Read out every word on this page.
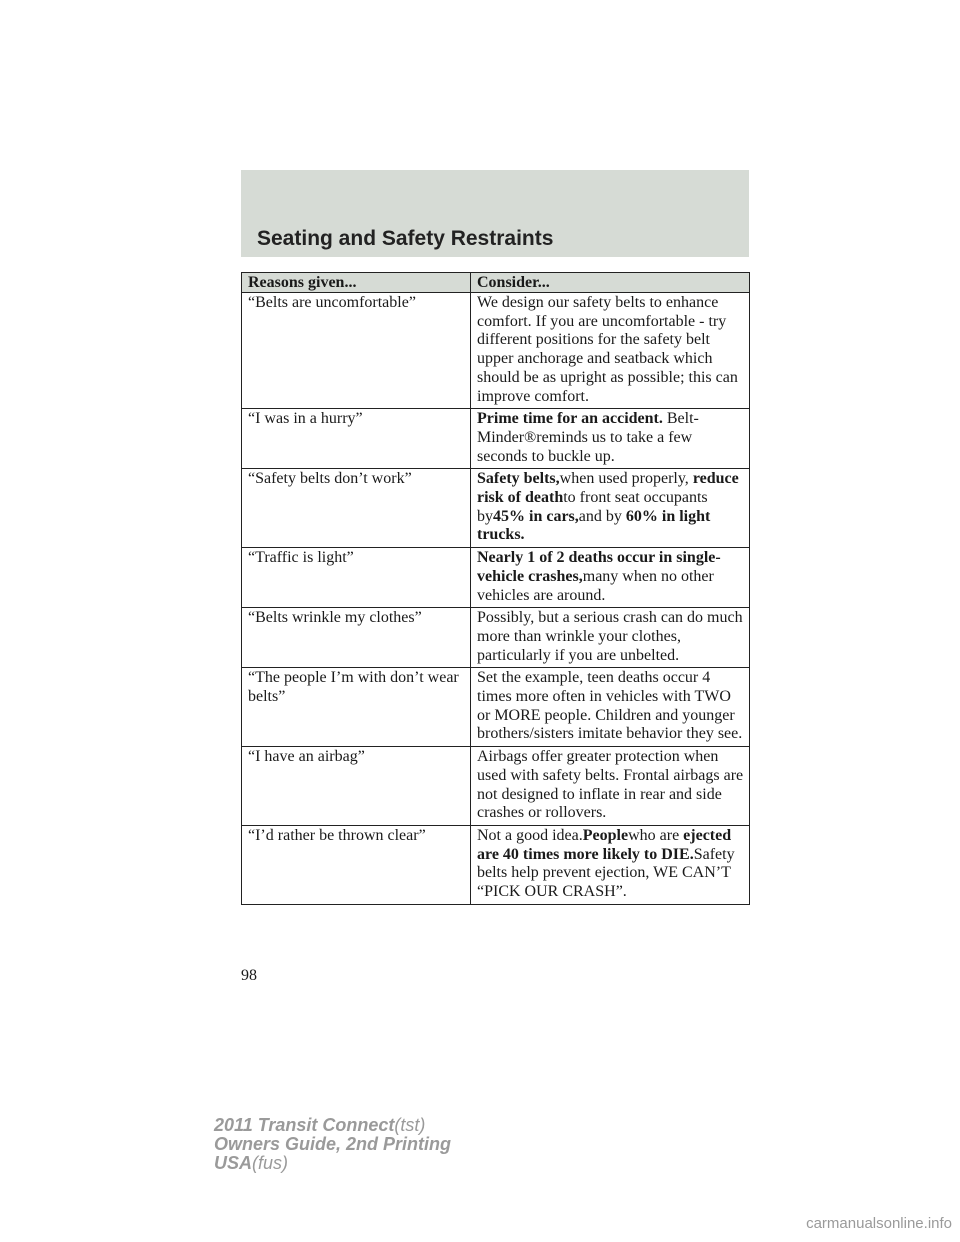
Seating and Safety Restraints
Reasons given...	Consider...
“Belts are uncomfortable”	We design our safety belts to enhance comfort. If you are uncomfortable - try different positions for the safety belt upper anchorage and seatback which should be as upright as possible; this can improve comfort.
“I was in a hurry”	Prime time for an accident. Belt-Minder®reminds us to take a few seconds to buckle up.
“Safety belts don’t work”	Safety belts,when used properly, reduce risk of deathto front seat occupants by45% in cars,and by 60% in light trucks.
“Traffic is light”	Nearly 1 of 2 deaths occur in single-vehicle crashes,many when no other vehicles are around.
“Belts wrinkle my clothes”	Possibly, but a serious crash can do much more than wrinkle your clothes, particularly if you are unbelted.
“The people I’m with don’t wear belts”	Set the example, teen deaths occur 4 times more often in vehicles with TWO or MORE people. Children and younger brothers/sisters imitate behavior they see.
“I have an airbag”	Airbags offer greater protection when used with safety belts. Frontal airbags are not designed to inflate in rear and side crashes or rollovers.
“I’d rather be thrown clear”	Not a good idea.Peoplewho are ejected are 40 times more likely to DIE.Safety belts help prevent ejection, WE CAN’T “PICK OUR CRASH”.
98
2011 Transit Connect(tst)
Owners Guide, 2nd Printing
USA(fus)
carmanualsonline.info
